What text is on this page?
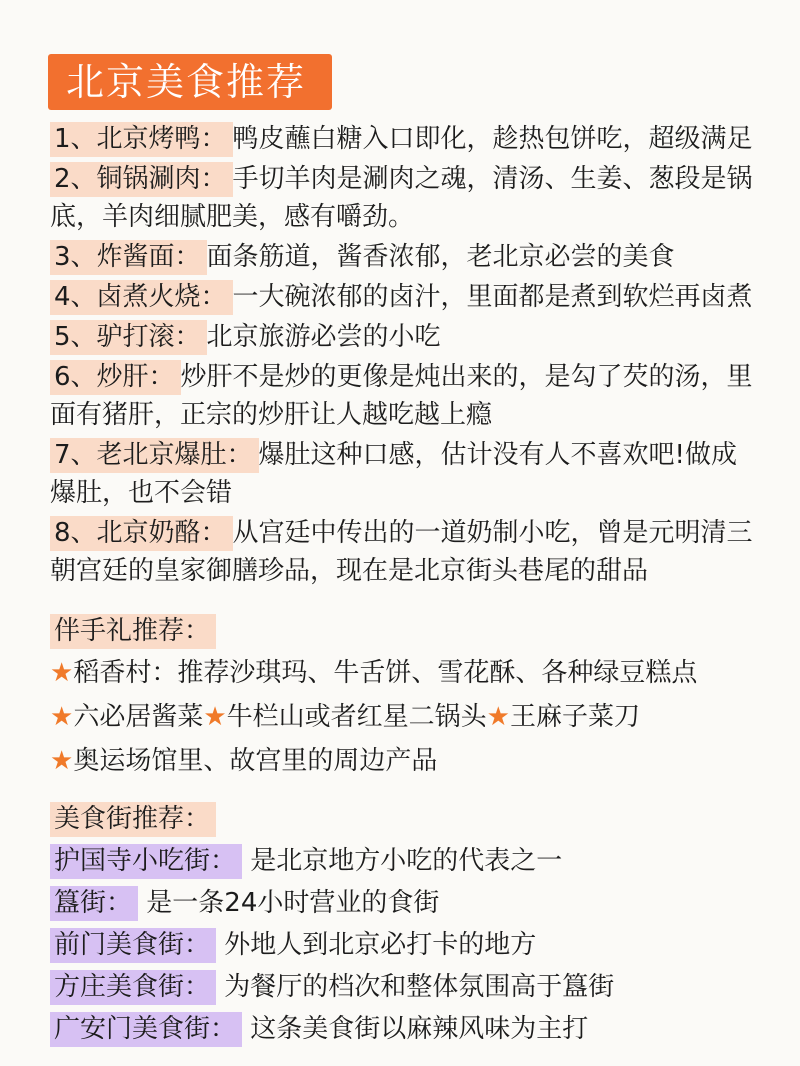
北京美食推荐
1、北京烤鸭： 鸭皮蘸白糖入口即化，趁热包饼吃，超级满足
2、铜锅涮肉： 手切羊肉是涮肉之魂，清汤、生姜、葱段是锅底，羊肉细腻肥美，感有嚼劲。
3、炸酱面： 面条筋道，酱香浓郁，老北京必尝的美食
4、卤煮火烧： 一大碗浓郁的卤汁，里面都是煮到软烂再卤煮
5、驴打滚： 北京旅游必尝的小吃
6、炒肝： 炒肝不是炒的更像是炖出来的，是勾了芡的汤，里面有猪肝，正宗的炒肝让人越吃越上瘾
7、老北京爆肚： 爆肚这种口感，估计没有人不喜欢吧!做成爆肚，也不会错
8、北京奶酪： 从宫廷中传出的一道奶制小吃，曾是元明清三朝宫廷的皇家御膳珍品，现在是北京街头巷尾的甜品
伴手礼推荐：
★稻香村：推荐沙琪玛、牛舌饼、雪花酥、各种绿豆糕点
★六必居酱菜★牛栏山或者红星二锅头★王麻子菜刀
★奥运场馆里、故宫里的周边产品
美食街推荐：
护国寺小吃街： 是北京地方小吃的代表之一
簋街： 是一条24小时营业的食街
前门美食街： 外地人到北京必打卡的地方
方庄美食街： 为餐厅的档次和整体氛围高于簋街
广安门美食街： 这条美食街以麻辣风味为主打
